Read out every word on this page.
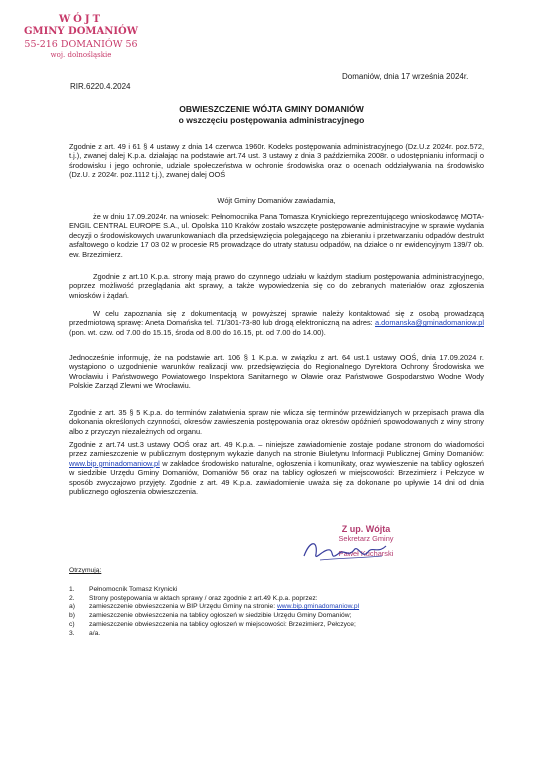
WÓJT
GMINY DOMANIÓW
55-216 DOMANIÓW 56
woj. dolnośląskie
RIR.6220.4.2024
Domaniów, dnia 17 września 2024r.
OBWIESZCZENIE WÓJTA GMINY DOMANIÓW
o wszczęciu postępowania administracyjnego
Zgodnie z art. 49 i 61 § 4 ustawy z dnia 14 czerwca 1960r. Kodeks postępowania administracyjnego (Dz.U.z 2024r. poz.572, t.j.), zwanej dalej K.p.a. działając na podstawie art.74 ust. 3 ustawy z dnia 3 października 2008r. o udostępnianiu informacji o środowisku i jego ochronie, udziale społeczeństwa w ochronie środowiska oraz o ocenach oddziaływania na środowisko (Dz.U. z 2024r. poz.1112 t.j.), zwanej dalej OOŚ
Wójt Gminy Domaniów zawiadamia,
że w dniu 17.09.2024r. na wniosek: Pełnomocnika Pana Tomasza Krynickiego reprezentującego wnioskodawcę MOTA-ENGIL CENTRAL EUROPE S.A., ul. Opolska 110 Kraków zostało wszczęte postępowanie administracyjne w sprawie wydania decyzji o środowiskowych uwarunkowaniach dla przedsięwzięcia polegającego na zbieraniu i przetwarzaniu odpadów destrukt asfaltowego o kodzie 17 03 02 w procesie R5 prowadzące do utraty statusu odpadów, na działce o nr ewidencyjnym 139/7 ob. ew. Brzezimierz.
Zgodnie z art.10 K.p.a. strony mają prawo do czynnego udziału w każdym stadium postępowania administracyjnego, poprzez możliwość przeglądania akt sprawy, a także wypowiedzenia się co do zebranych materiałów oraz zgłoszenia wniosków i żądań.
W celu zapoznania się z dokumentacją w powyższej sprawie należy kontaktować się z osobą prowadzącą przedmiotową sprawę: Aneta Domańska tel. 71/301-73-80 lub drogą elektroniczną na adres: a.domanska@gminadomaniow.pl (pon. wt. czw. od 7.00 do 15.15, środa od 8.00 do 16.15, pt. od 7.00 do 14.00).
Jednocześnie informuję, że na podstawie art. 106 § 1 K.p.a. w związku z art. 64 ust.1 ustawy OOŚ, dnia 17.09.2024 r. wystąpiono o uzgodnienie warunków realizacji ww. przedsięwzięcia do Regionalnego Dyrektora Ochrony Środowiska we Wrocławiu i Państwowego Powiatowego Inspektora Sanitarnego w Oławie oraz Państwowe Gospodarstwo Wodne Wody Polskie Zarząd Zlewni we Wrocławiu.
Zgodnie z art. 35 § 5 K.p.a. do terminów załatwienia spraw nie wlicza się terminów przewidzianych w przepisach prawa dla dokonania określonych czynności, okresów zawieszenia postępowania oraz okresów opóźnień spowodowanych z winy strony albo z przyczyn niezależnych od organu.
Zgodnie z art.74 ust.3 ustawy OOŚ oraz art. 49 K.p.a. – niniejsze zawiadomienie zostaje podane stronom do wiadomości przez zamieszczenie w publicznym dostępnym wykazie danych na stronie Biuletynu Informacji Publicznej Gminy Domaniów: www.bip.gminadomaniow.pl w zakładce środowisko naturalne, ogłoszenia i komunikaty, oraz wywieszenie na tablicy ogłoszeń w siedzibie Urzędu Gminy Domaniów, Domaniów 56 oraz na tablicy ogłoszeń w miejscowości: Brzezimierz i Pełczyce w sposób zwyczajowo przyjęty. Zgodnie z art. 49 K.p.a. zawiadomienie uważa się za dokonane po upływie 14 dni od dnia publicznego ogłoszenia obwieszczenia.
Z up. Wójta
Sekretarz Gminy
Paweł Kucharski
Otrzymują:
1.	Pełnomocnik Tomasz Krynicki
2.	Strony postępowania w aktach sprawy / oraz zgodnie z art.49 K.p.a. poprzez:
a)	zamieszczenie obwieszczenia w BIP Urzędu Gminy na stronie: www.bip.gminadomaniow.pl
b)	zamieszczenie obwieszczenia na tablicy ogłoszeń w siedzibie Urzędu Gminy Domaniów;
c)	zamieszczenie obwieszczenia na tablicy ogłoszeń w miejscowości: Brzezimierz, Pełczyce;
3.	a/a.
